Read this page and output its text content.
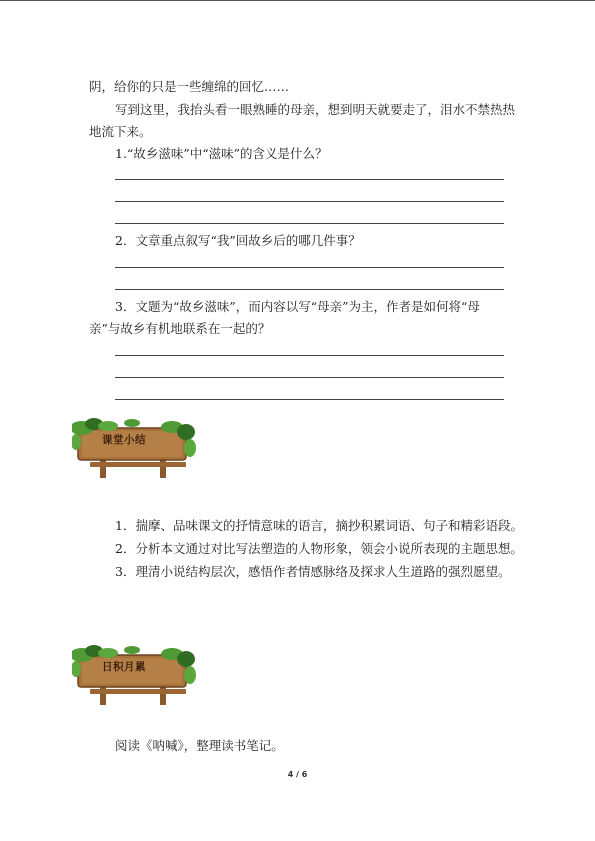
阴，给你的只是一些缠绵的回忆……
写到这里，我抬头看一眼熟睡的母亲，想到明天就要走了，泪水不禁热热
地流下来。
1.“故乡滋味”中“滋味”的含义是什么？
2．文章重点叙写“我”回故乡后的哪几件事？
3．文题为“故乡滋味”，而内容以写“母亲”为主，作者是如何将“母
亲”与故乡有机地联系在一起的？
课堂小结
1．揣摩、品味课文的抒情意味的语言，摘抄积累词语、句子和精彩语段。
2．分析本文通过对比写法塑造的人物形象，领会小说所表现的主题思想。
3．理清小说结构层次，感悟作者情感脉络及探求人生道路的强烈愿望。
日积月累
阅读《呐喊》，整理读书笔记。
4 / 6
